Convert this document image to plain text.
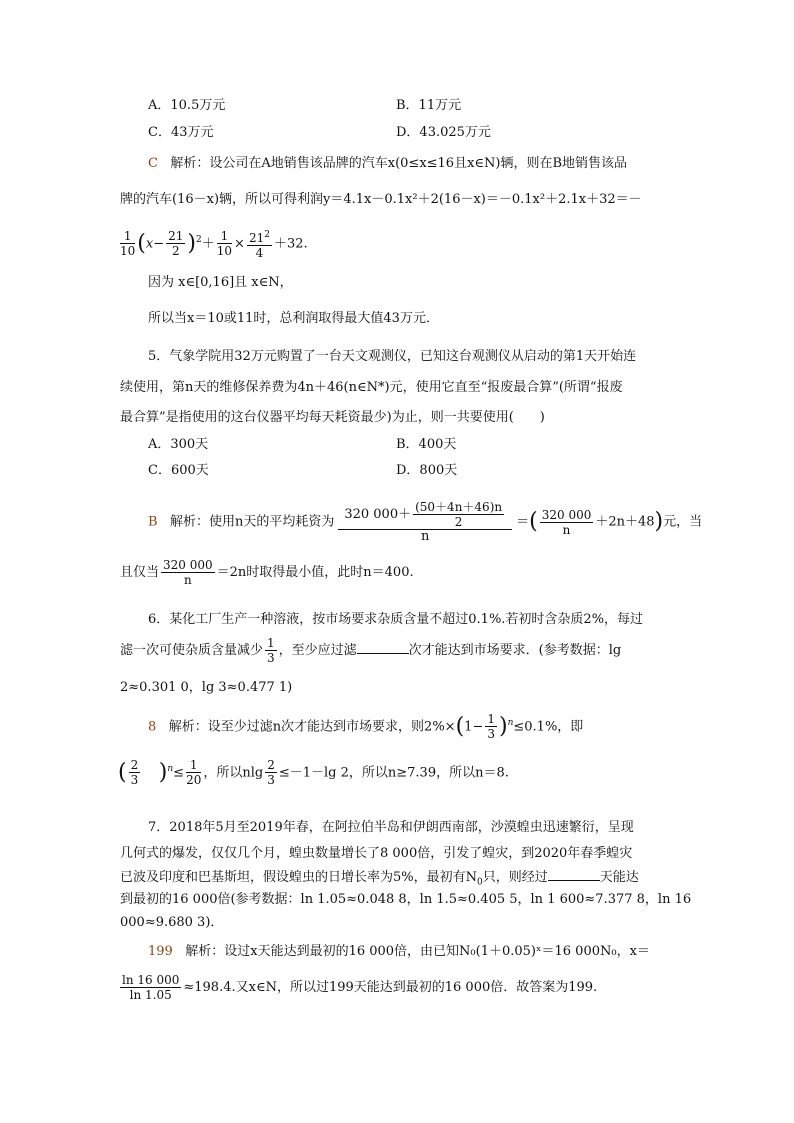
A．10.5万元	B．11万元
C．43万元	D．43.025万元
C 解析：设公司在A地销售该品牌的汽车x(0≤x≤16且x∈N)辆，则在B地销售该品
牌的汽车(16－x)辆，所以可得利润y＝4.1x－0.1x²＋2(16－x)＝－0.1x²＋2.1x＋32＝－
$\frac{1}{10} (x- \frac{21}{2} )^2+ \frac{1}{10} \times \frac{21^2}{4} +32$.
因为 x∈[0,16]且 x∈N，
所以当x＝10或11时，总利润取得最大值43万元．
5．气象学院用32万元购置了一台天文观测仪，已知这台观测仪从启动的第1天开始连
续使用，第n天的维修保养费为4n＋46(n∈N*)元，使用它直至“报废最合算”(所谓“报废
最合算”是指使用的这台仪器平均每天耗资最少)为止，则一共要使用(　　)
A．300天	B．400天
C．600天	D．800天
B 解析：使用n天的平均耗资为 $\frac{320 000+ \frac{(50+4n+46)n}{2}}{n}$ ＝( $\frac{320 000}{n} +2n+48$)元，当
且仅当 $\frac{320 000}{n} =2n$时取得最小值，此时n＝400.
6．某化工厂生产一种溶液，按市场要求杂质含量不超过0.1%.若初时含杂质2%，每过
滤一次可使杂质含量减少 $\frac{1}{3}$ ，至少应过滤	次才能达到市场要求．(参考数据：lg
2≈0.301 0，lg 3≈0.477 1)
8 解析：设至少过滤n次才能达到市场要求，则$2\%\times(1- \frac{1}{3} )^n\le 0.1\%$，即
( $\frac{2}{3} )^n\le \frac{1}{20}$ ，所以nlg $\frac{2}{3} \le-1-\lg$ 2，所以n≥7.39，所以n＝8.
7．2018年5月至2019年春，在阿拉伯半岛和伊朗西南部，沙漠蝗虫迅速繁衍，呈现
几何式的爆发，仅仅几个月，蝗虫数量增长了8 000倍，引发了蝗灾，到2020年春季蝗灾
已波及印度和巴基斯坦，假设蝗虫的日增长率为5%，最初有$N_0$只，则经过	天能达
到最初的16 000倍(参考数据：ln 1.05≈0.048 8，ln 1.5≈0.405 5，ln 1 600≈7.377 8，ln 16
000≈9.680 3)．
199 解析：设过x天能达到最初的16 000倍，由已知N₀(1＋0.05)ˣ＝16 000N₀，x＝
$\frac{\ln 16 000}{\ln 1.05} \approx 198.4$.又x∈N，所以过199天能达到最初的16 000倍．故答案为199.
